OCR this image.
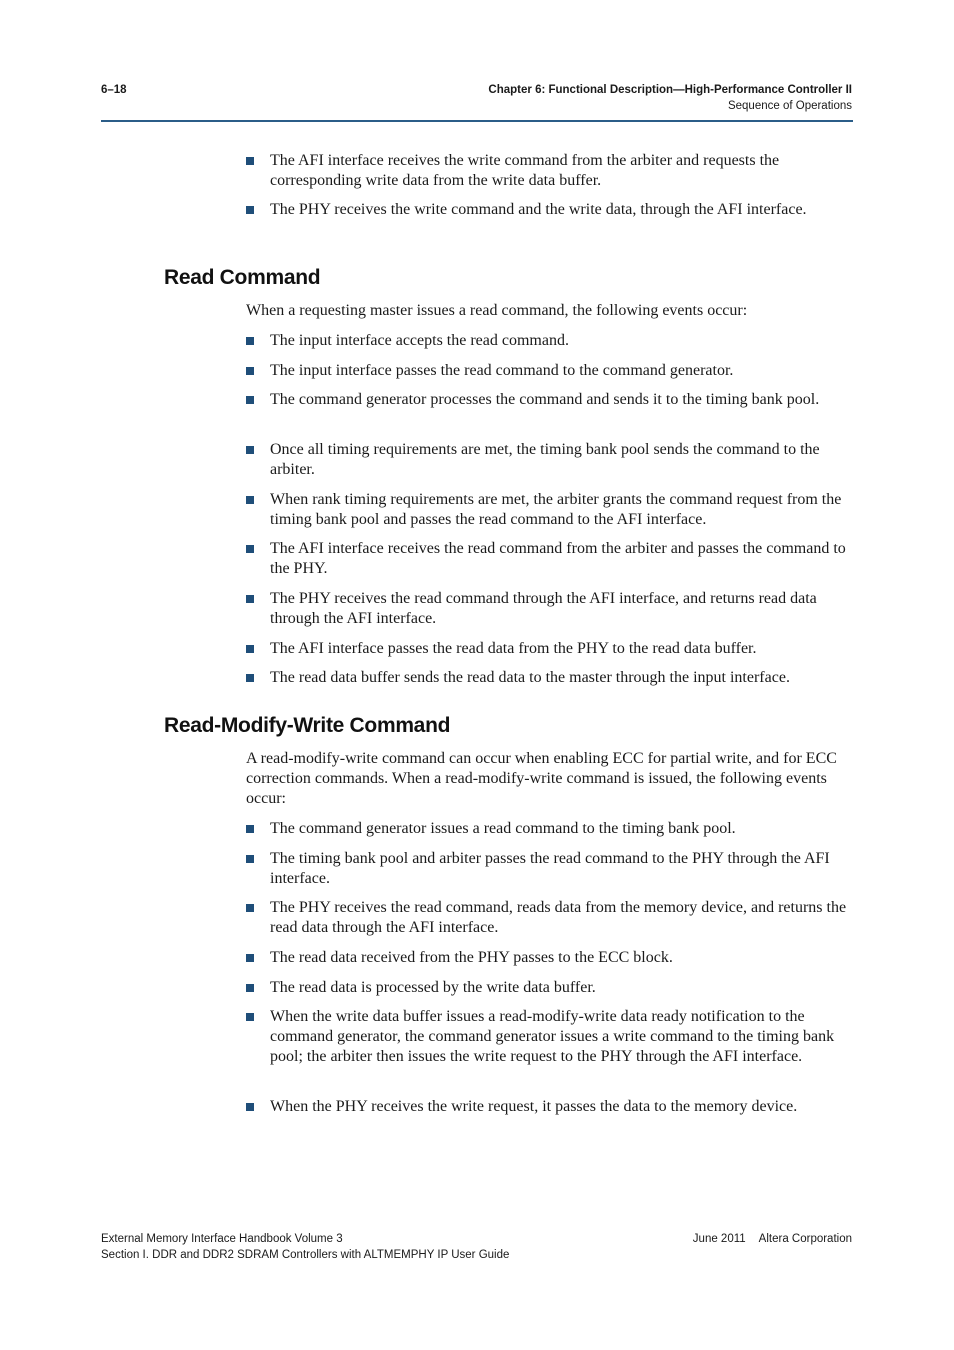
6–18	Chapter 6: Functional Description—High-Performance Controller II
Sequence of Operations
The AFI interface receives the write command from the arbiter and requests the corresponding write data from the write data buffer.
The PHY receives the write command and the write data, through the AFI interface.
Read Command

When a requesting master issues a read command, the following events occur:

The input interface accepts the read command.
The input interface passes the read command to the command generator.
The command generator processes the command and sends it to the timing bank pool.
Once all timing requirements are met, the timing bank pool sends the command to the arbiter.
When rank timing requirements are met, the arbiter grants the command request from the timing bank pool and passes the read command to the AFI interface.
The AFI interface receives the read command from the arbiter and passes the command to the PHY.
The PHY receives the read command through the AFI interface, and returns read data through the AFI interface.
The AFI interface passes the read data from the PHY to the read data buffer.
The read data buffer sends the read data to the master through the input interface.
Read-Modify-Write Command

A read-modify-write command can occur when enabling ECC for partial write, and for ECC correction commands. When a read-modify-write command is issued, the following events occur:

The command generator issues a read command to the timing bank pool.
The timing bank pool and arbiter passes the read command to the PHY through the AFI interface.
The PHY receives the read command, reads data from the memory device, and returns the read data through the AFI interface.
The read data received from the PHY passes to the ECC block.
The read data is processed by the write data buffer.
When the write data buffer issues a read-modify-write data ready notification to the command generator, the command generator issues a write command to the timing bank pool; the arbiter then issues the write request to the PHY through the AFI interface.
When the PHY receives the write request, it passes the data to the memory device.
External Memory Interface Handbook Volume 3
Section I. DDR and DDR2 SDRAM Controllers with ALTMEMPHY IP User Guide
June 2011 Altera Corporation
